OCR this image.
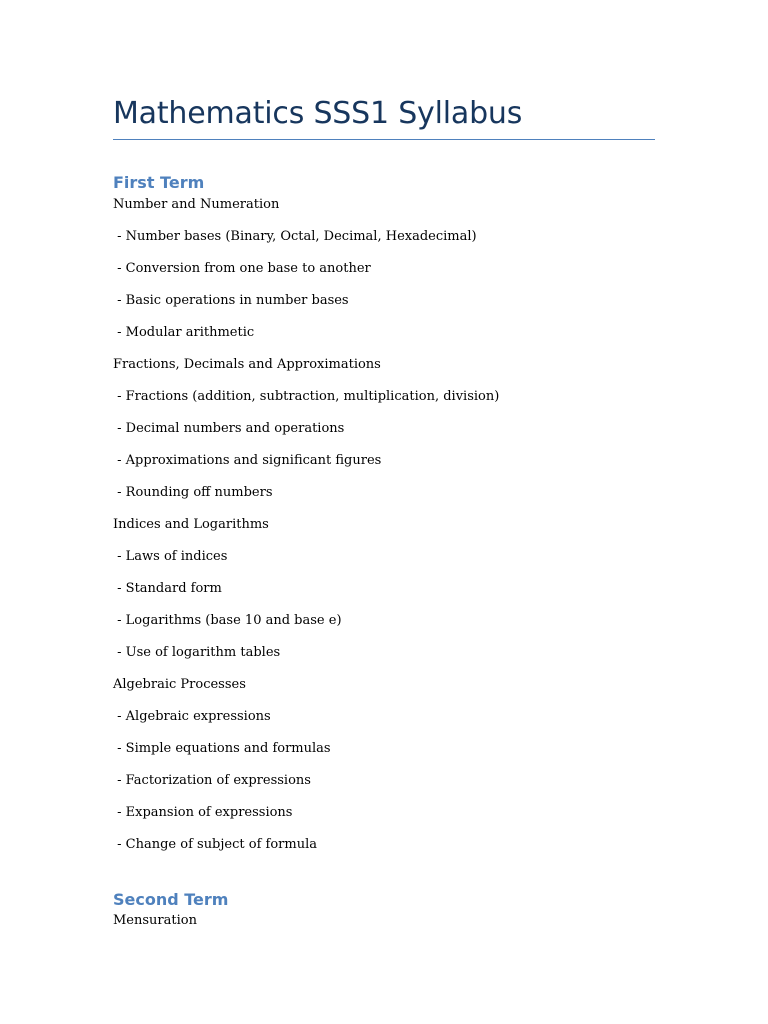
Mathematics SSS1 Syllabus
First Term
Number and Numeration
- Number bases (Binary, Octal, Decimal, Hexadecimal)
- Conversion from one base to another
- Basic operations in number bases
- Modular arithmetic
Fractions, Decimals and Approximations
- Fractions (addition, subtraction, multiplication, division)
- Decimal numbers and operations
- Approximations and significant figures
- Rounding off numbers
Indices and Logarithms
- Laws of indices
- Standard form
- Logarithms (base 10 and base e)
- Use of logarithm tables
Algebraic Processes
- Algebraic expressions
- Simple equations and formulas
- Factorization of expressions
- Expansion of expressions
- Change of subject of formula
Second Term
Mensuration
